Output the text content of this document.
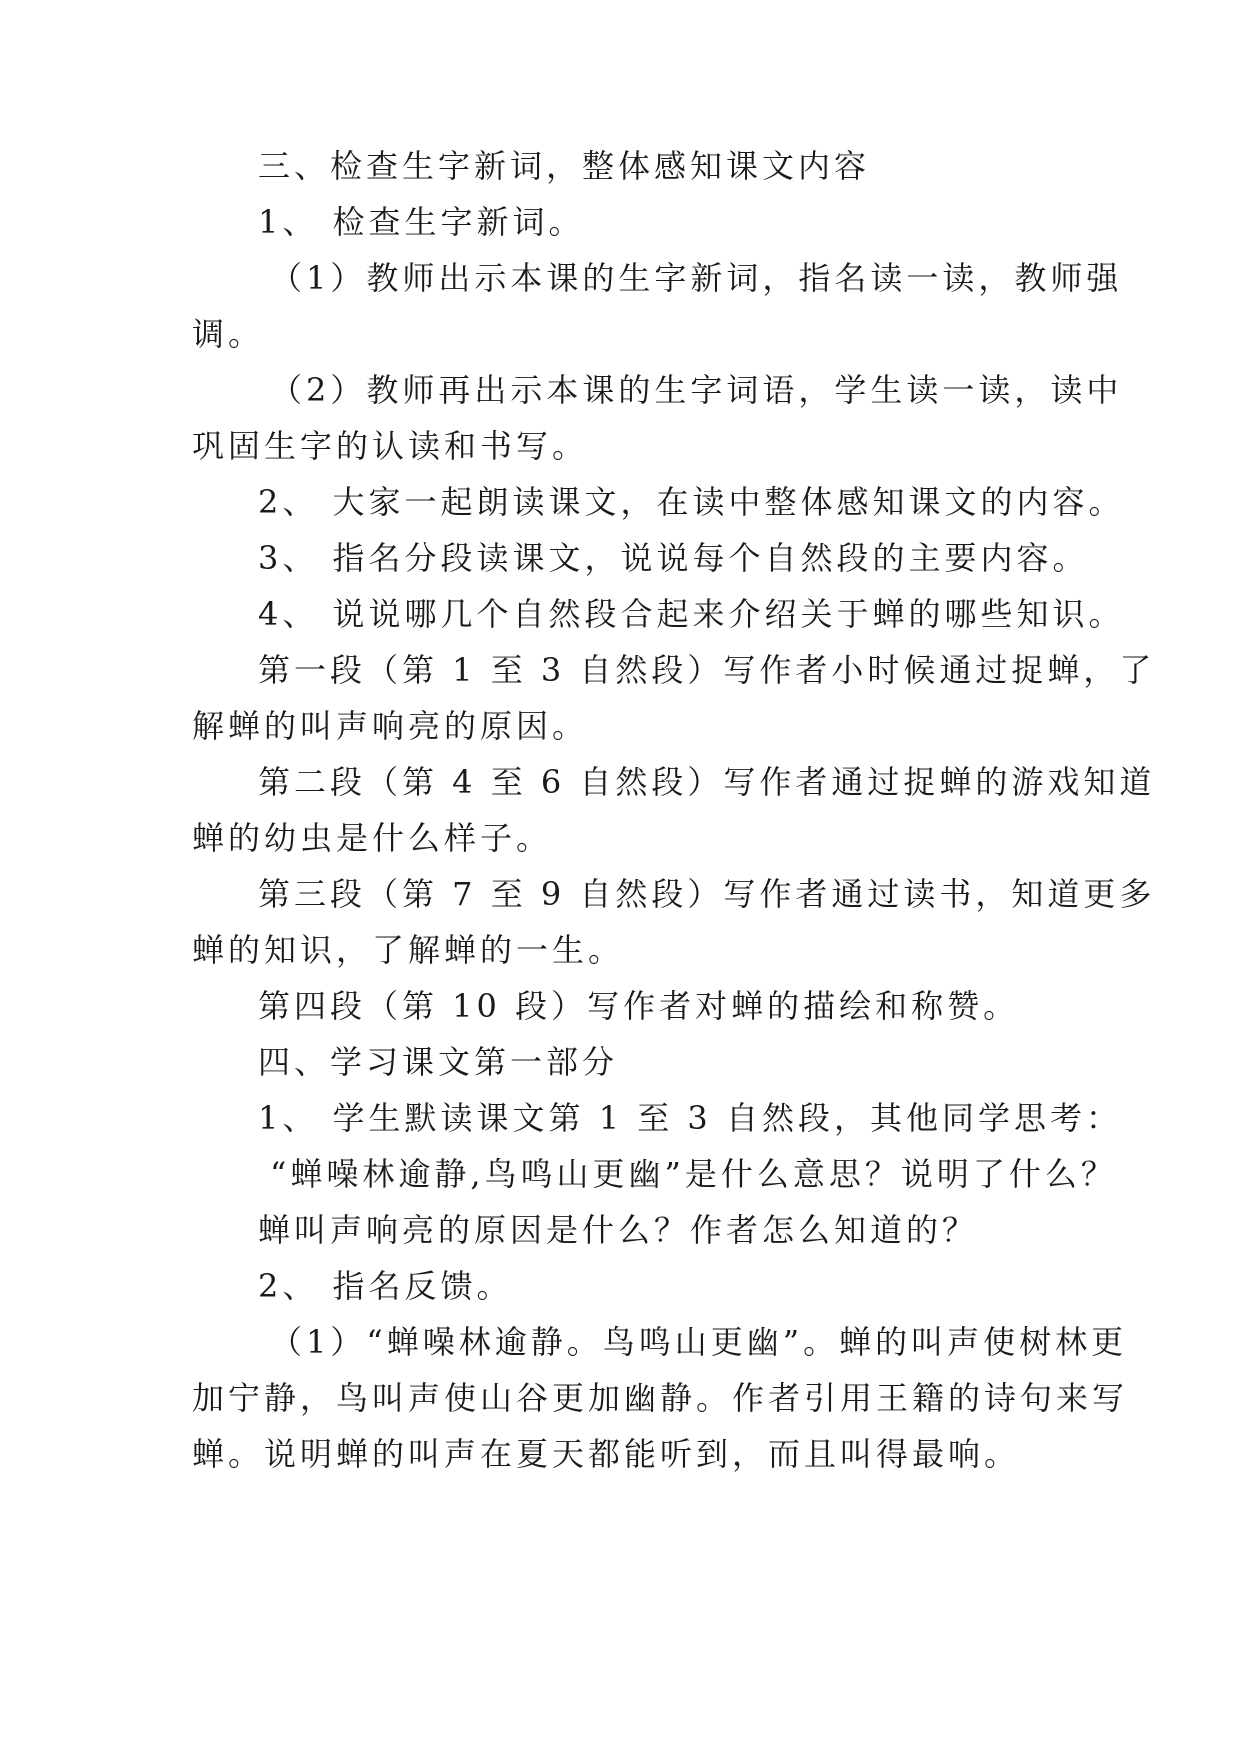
三、检查生字新词，整体感知课文内容
1、 检查生字新词。
（1）教师出示本课的生字新词，指名读一读，教师强
调。
（2）教师再出示本课的生字词语，学生读一读，读中
巩固生字的认读和书写。
2、 大家一起朗读课文，在读中整体感知课文的内容。
3、 指名分段读课文，说说每个自然段的主要内容。
4、 说说哪几个自然段合起来介绍关于蝉的哪些知识。
第一段（第 1 至 3 自然段）写作者小时候通过捉蝉，了
解蝉的叫声响亮的原因。
第二段（第 4 至 6 自然段）写作者通过捉蝉的游戏知道
蝉的幼虫是什么样子。
第三段（第 7 至 9 自然段）写作者通过读书，知道更多
蝉的知识，了解蝉的一生。
第四段（第 10 段）写作者对蝉的描绘和称赞。
四、学习课文第一部分
1、 学生默读课文第 1 至 3 自然段，其他同学思考：
“蝉噪林逾静,鸟鸣山更幽”是什么意思？说明了什么？
蝉叫声响亮的原因是什么？作者怎么知道的？
2、 指名反馈。
（1）“蝉噪林逾静。鸟鸣山更幽”。蝉的叫声使树林更
加宁静，鸟叫声使山谷更加幽静。作者引用王籍的诗句来写
蝉。说明蝉的叫声在夏天都能听到，而且叫得最响。
